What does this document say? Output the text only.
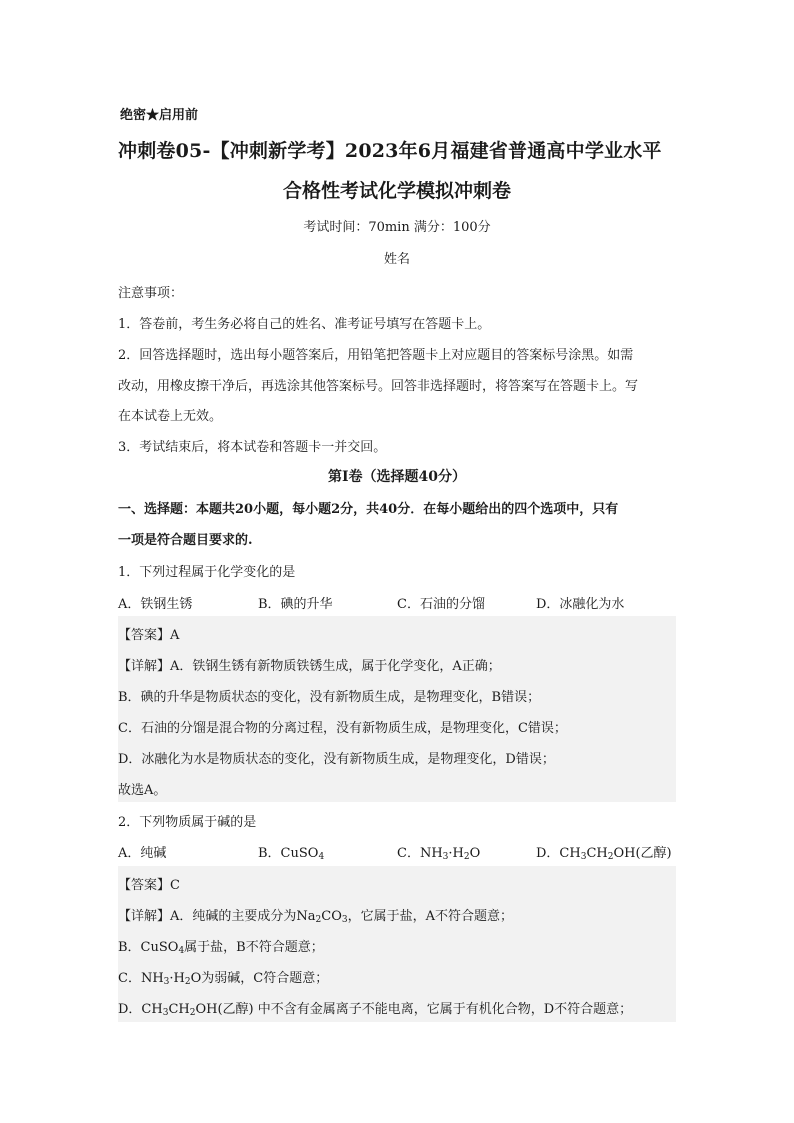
绝密★启用前
冲刺卷05-【冲刺新学考】2023年6月福建省普通高中学业水平
合格性考试化学模拟冲刺卷
考试时间：70min 满分：100分
姓名
注意事项：
1．答卷前，考生务必将自己的姓名、准考证号填写在答题卡上。
2．回答选择题时，选出每小题答案后，用铅笔把答题卡上对应题目的答案标号涂黑。如需
改动，用橡皮擦干净后，再选涂其他答案标号。回答非选择题时，将答案写在答题卡上。写
在本试卷上无效。
3．考试结束后，将本试卷和答题卡一并交回。
第Ⅰ卷（选择题40分）
一、选择题：本题共20小题，每小题2分，共40分．在每小题给出的四个选项中，只有
一项是符合题目要求的.
1．下列过程属于化学变化的是
A．铁钢生锈	B．碘的升华	C．石油的分馏	D．冰融化为水
【答案】A
【详解】A．铁钢生锈有新物质铁锈生成，属于化学变化，A正确；
B．碘的升华是物质状态的变化，没有新物质生成，是物理变化，B错误；
C．石油的分馏是混合物的分离过程，没有新物质生成，是物理变化，C错误；
D．冰融化为水是物质状态的变化，没有新物质生成，是物理变化，D错误；
故选A。
2．下列物质属于碱的是
A．纯碱	B．CuSO$_4$	C．$NH_3\cdot H_2O$	D．$CH_3CH_2OH$(乙醇)
【答案】C
【详解】A．纯碱的主要成分为$Na_2CO_3$，它属于盐，A不符合题意；
B．CuSO$_4$属于盐，B不符合题意；
C．$NH_3\cdot H_2O$为弱碱，C符合题意；
D．$CH_3CH_2OH$(乙醇) 中不含有金属离子不能电离，它属于有机化合物，D不符合题意；
